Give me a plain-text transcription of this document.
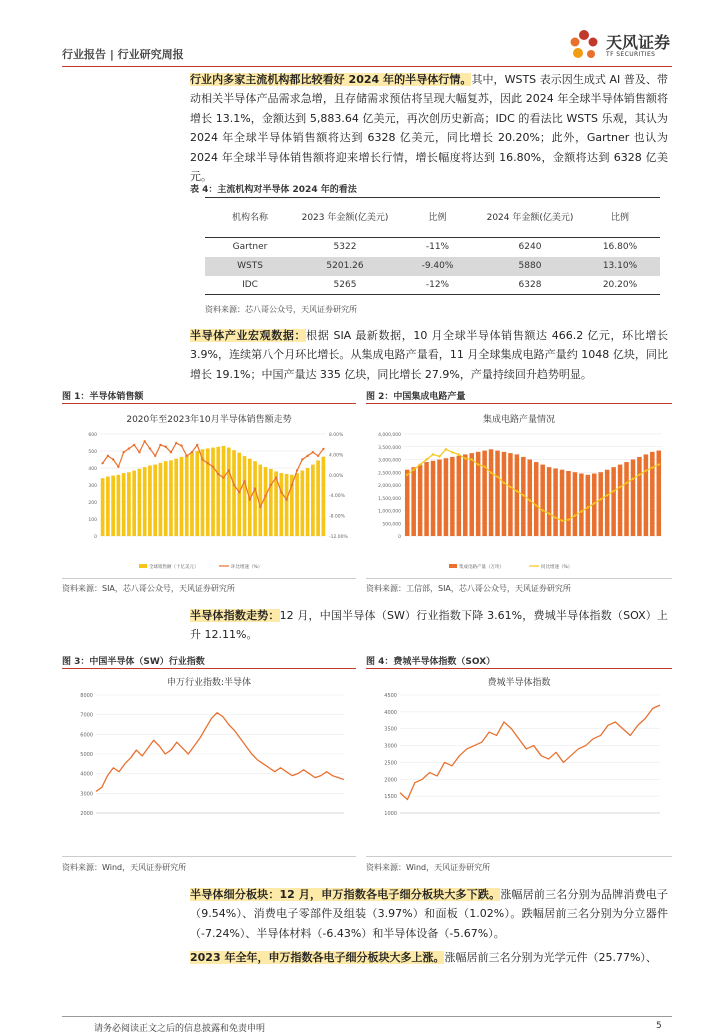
行业报告 | 行业研究周报
天风证券
TF SECURITIES
行业内多家主流机构都比较看好 2024 年的半导体行情。其中，WSTS 表示因生成式 AI 普及、带动相关半导体产品需求急增，且存储需求预估将呈现大幅复苏，因此 2024 年全球半导体销售额将增长 13.1%，金额达到 5,883.64 亿美元，再次创历史新高；IDC 的看法比 WSTS 乐观，其认为 2024 年全球半导体销售额将达到 6328 亿美元，同比增长 20.20%；此外，Gartner 也认为 2024 年全球半导体销售额将迎来增长行情，增长幅度将达到 16.80%，金额将达到 6328 亿美元。
表 4：主流机构对半导体 2024 年的看法
机构名称	2023 年金额(亿美元)	比例	2024 年金额(亿美元)	比例
Gartner	5322	-11%	6240	16.80%
WSTS	5201.26	-9.40%	5880	13.10%
IDC	5265	-12%	6328	20.20%
资料来源：芯八哥公众号，天风证券研究所
半导体产业宏观数据：根据 SIA 最新数据，10 月全球半导体销售额达 466.2 亿元，环比增长 3.9%，连续第八个月环比增长。从集成电路产量看，11 月全球集成电路产量约 1048 亿块，同比增长 19.1%；中国产量达 335 亿块，同比增长 27.9%，产量持续回升趋势明显。
图 1：半导体销售额
2020年至2023年10月半导体销售额走势
600
500
400
300
200
100
0
8.00%
4.00%
0.00%
-4.00%
-8.00%
-12.00%
全球销售额（十亿美元）	环比增速（%）
资料来源：SIA，芯八哥公众号，天风证券研究所
图 2：中国集成电路产量
集成电路产量情况
4,000,000
3,500,000
3,000,000
2,500,000
2,000,000
1,500,000
1,000,000
500,000
0
集成电路产量（万块）	同比增速（%）
资料来源：工信部，SIA，芯八哥公众号，天风证券研究所
半导体指数走势：12 月，中国半导体（SW）行业指数下降 3.61%，费城半导体指数（SOX）上升 12.11%。
图 3：中国半导体（SW）行业指数
申万行业指数:半导体
8000
7000
6000
5000
4000
3000
2000
资料来源：Wind，天风证券研究所
图 4：费城半导体指数（SOX）
费城半导体指数
4500
4000
3500
3000
2500
2000
1500
1000
资料来源：Wind，天风证券研究所
半导体细分板块：12 月，申万指数各电子细分板块大多下跌。涨幅居前三名分别为品牌消费电子（9.54%）、消费电子零部件及组装（3.97%）和面板（1.02%）。跌幅居前三名分别为分立器件（-7.24%）、半导体材料（-6.43%）和半导体设备（-5.67%）。
2023 年全年，申万指数各电子细分板块大多上涨。涨幅居前三名分别为光学元件（25.77%）、
请务必阅读正文之后的信息披露和免责申明	5
